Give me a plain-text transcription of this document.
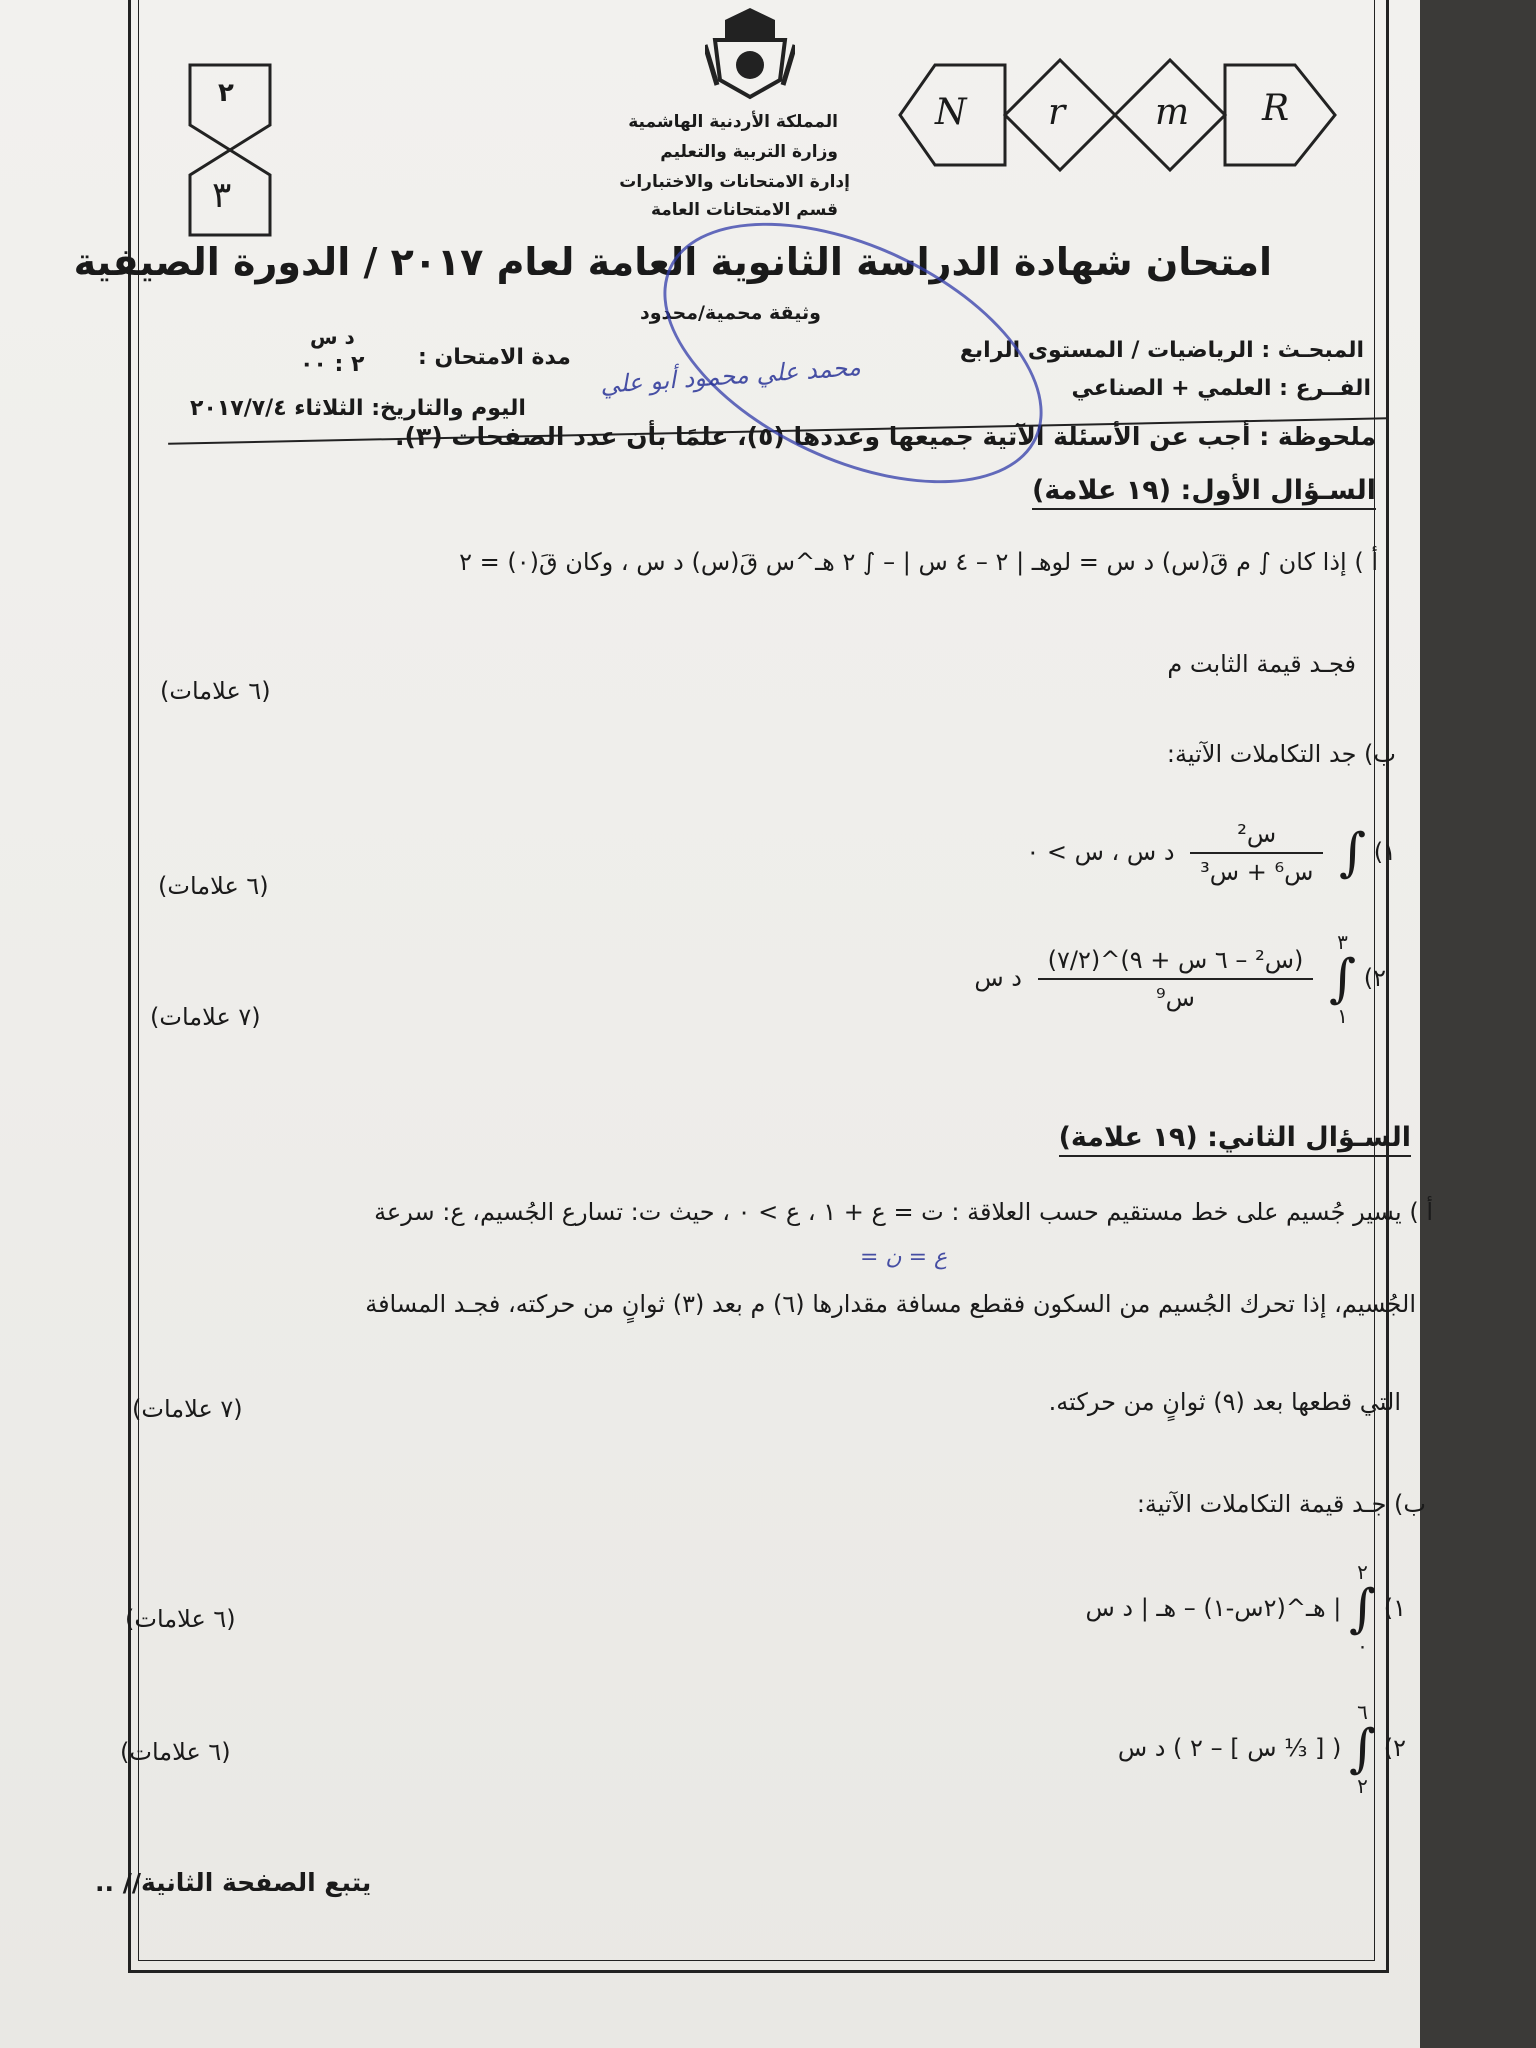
٢
٣
N r m R
المملكة الأردنية الهاشمية
وزارة التربية والتعليم
إدارة الامتحانات والاختبارات
قسم الامتحانات العامة
امتحان شهادة الدراسة الثانوية العامة لعام ٢٠١٧ / الدورة الصيفية
وثيقة محمية/محدود
المبحـث : الرياضيات / المستوى الرابع
الفــرع : العلمي + الصناعي
مدة الامتحان :
د س
٢ : ٠٠
اليوم والتاريخ: الثلاثاء ٢٠١٧/٧/٤
ملحوظة : أجب عن الأسئلة الآتية جميعها وعددها (٥)، علمًا بأن عدد الصفحات (٣).
محمد علي محمود أبو علي
السـؤال الأول: (١٩ علامة)
أ ) إذا كان ∫ م قَ(س) د س = لوهـ | ٢ – ٤ س | – ∫ ٢ هـ^س قَ(س) د س ، وكان قَ(٠) = ٢
فجـد قيمة الثابت م
(٦ علامات)
ب) جد التكاملات الآتية:
١) ∫
$\frac{\text{س²}}{\text{س⁶ + س³}}$
د س ، س > ٠
(٦ علامات)
٢)
٣
∫
١

$\frac{\text{(س² – ٦ س + ٩)\textasciicircum{}(٧/٢)}}{\text{س⁹}}$
د س
(٧ علامات)
السـؤال الثاني: (١٩ علامة)
أ ) يسير جُسيم على خط مستقيم حسب العلاقة : ت = ع + ١ ، ع > ٠ ، حيث ت: تسارع الجُسيم، ع: سرعة
ع = ن =
الجُسيم، إذا تحرك الجُسيم من السكون فقطع مسافة مقدارها (٦) م بعد (٣) ثوانٍ من حركته، فجـد المسافة
التي قطعها بعد (٩) ثوانٍ من حركته.
(٧ علامات)
ب) جـد قيمة التكاملات الآتية:
١)
٢
∫
٠
| هـ^(٢س-١) – هـ | د س
(٦ علامات)
٢)
٦
∫
٢
( [ ⅓ س ] – ٢ ) د س
(٦ علامات)
يتبع الصفحة الثانية// ..
